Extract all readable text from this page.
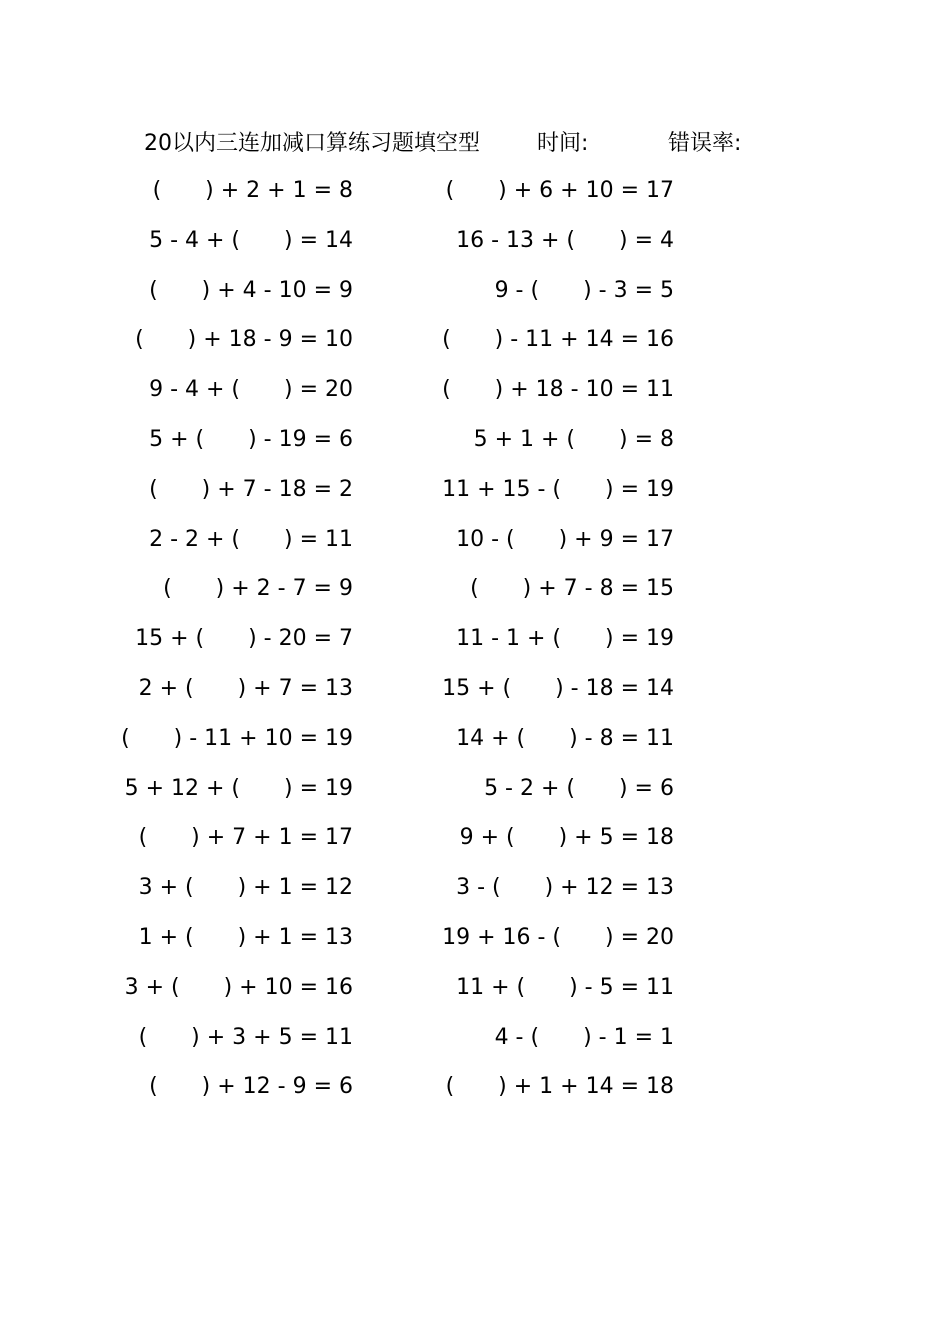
20以内三连加减口算练习题填空型	时间:	错误率:
(　　) + 2 + 1 = 8	(　　) + 6 + 10 = 17
5 - 4 + (　　) = 14	16 - 13 + (　　) = 4
(　　) + 4 - 10 = 9	9 - (　　) - 3 = 5
(　　) + 18 - 9 = 10	(　　) - 11 + 14 = 16
9 - 4 + (　　) = 20	(　　) + 18 - 10 = 11
5 + (　　) - 19 = 6	5 + 1 + (　　) = 8
(　　) + 7 - 18 = 2	11 + 15 - (　　) = 19
2 - 2 + (　　) = 11	10 - (　　) + 9 = 17
(　　) + 2 - 7 = 9	(　　) + 7 - 8 = 15
15 + (　　) - 20 = 7	11 - 1 + (　　) = 19
2 + (　　) + 7 = 13	15 + (　　) - 18 = 14
(　　) - 11 + 10 = 19	14 + (　　) - 8 = 11
5 + 12 + (　　) = 19	5 - 2 + (　　) = 6
(　　) + 7 + 1 = 17	9 + (　　) + 5 = 18
3 + (　　) + 1 = 12	3 - (　　) + 12 = 13
1 + (　　) + 1 = 13	19 + 16 - (　　) = 20
3 + (　　) + 10 = 16	11 + (　　) - 5 = 11
(　　) + 3 + 5 = 11	4 - (　　) - 1 = 1
(　　) + 12 - 9 = 6	(　　) + 1 + 14 = 18
